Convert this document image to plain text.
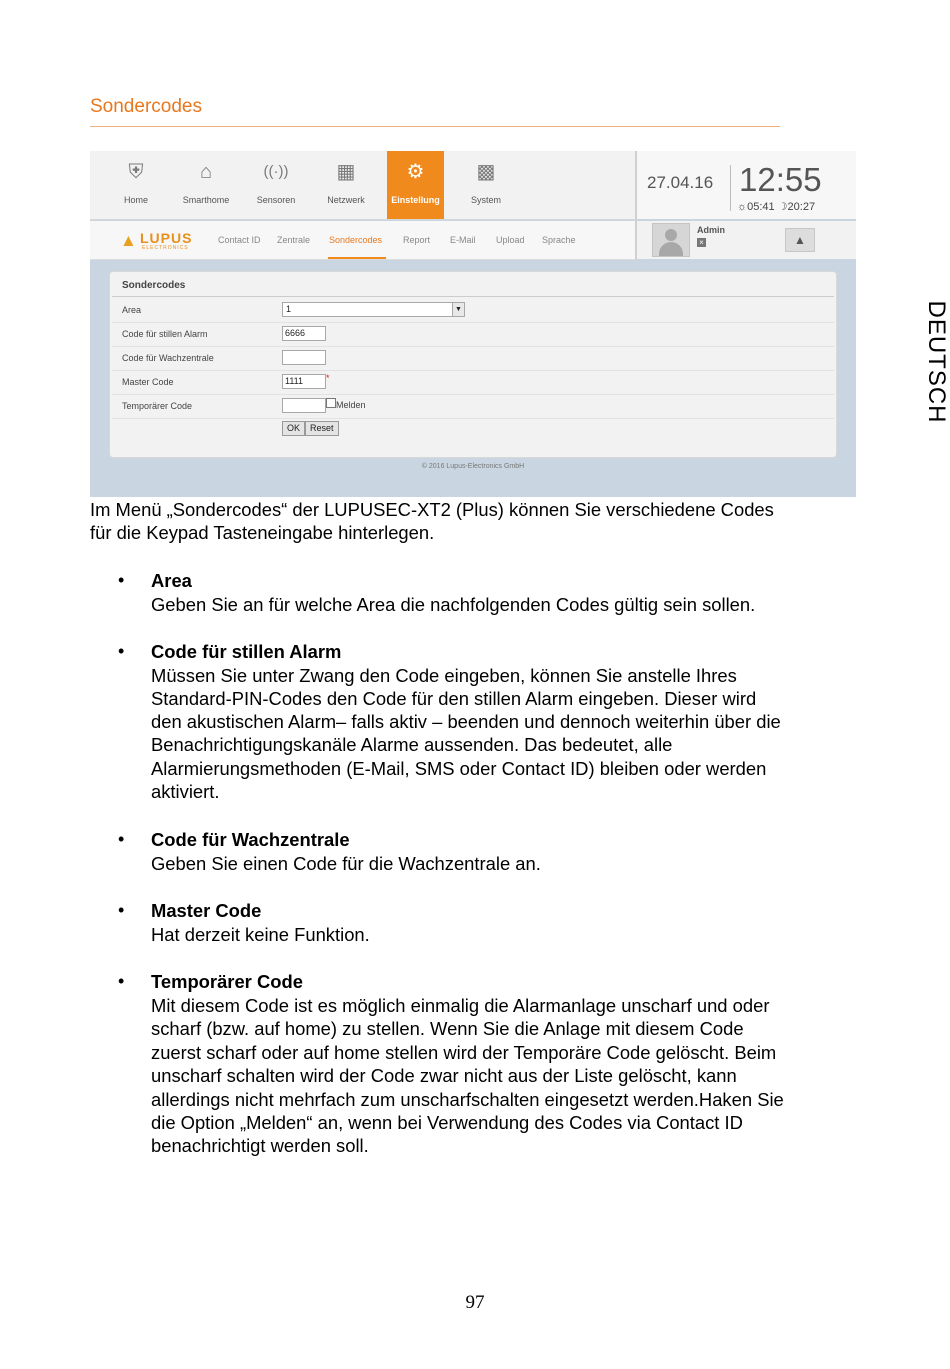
Sondercodes
DEUTSCH
⛨
Home
⌂
Smarthome
((·))
Sensoren
▦
Netzwerk
⚙
Einstellung
▩
System
27.04.16 12:55
☼05:41 ☽20:27
▲ LUPUS
ELECTRONICS
Contact ID Zentrale Sondercodes Report E-Mail Upload Sprache
Admin
×	▲
Sondercodes
Area	1	▼
Code für stillen Alarm	6666
Code für Wachzentrale
Master Code	1111	*
Temporärer Code	Melden
OK	Reset
© 2016 Lupus-Electronics GmbH
Im Menü „Sondercodes“ der LUPUSEC-XT2 (Plus) können Sie verschiedene Codes
für die Keypad Tasteneingabe hinterlegen.
• Area
Geben Sie an für welche Area die nachfolgenden Codes gültig sein sollen.
• Code für stillen Alarm
Müssen Sie unter Zwang den Code eingeben, können Sie anstelle Ihres
Standard-PIN-Codes den Code für den stillen Alarm eingeben. Dieser wird
den akustischen Alarm– falls aktiv – beenden und dennoch weiterhin über die
Benachrichtigungskanäle Alarme aussenden. Das bedeutet, alle
Alarmierungsmethoden (E-Mail, SMS oder Contact ID) bleiben oder werden
aktiviert.
• Code für Wachzentrale
Geben Sie einen Code für die Wachzentrale an.
• Master Code
Hat derzeit keine Funktion.
• Temporärer Code
Mit diesem Code ist es möglich einmalig die Alarmanlage unscharf und oder
scharf (bzw. auf home) zu stellen. Wenn Sie die Anlage mit diesem Code
zuerst scharf oder auf home stellen wird der Temporäre Code gelöscht. Beim
unscharf schalten wird der Code zwar nicht aus der Liste gelöscht, kann
allerdings nicht mehrfach zum unscharfschalten eingesetzt werden.Haken Sie
die Option „Melden“ an, wenn bei Verwendung des Codes via Contact ID
benachrichtigt werden soll.
97
